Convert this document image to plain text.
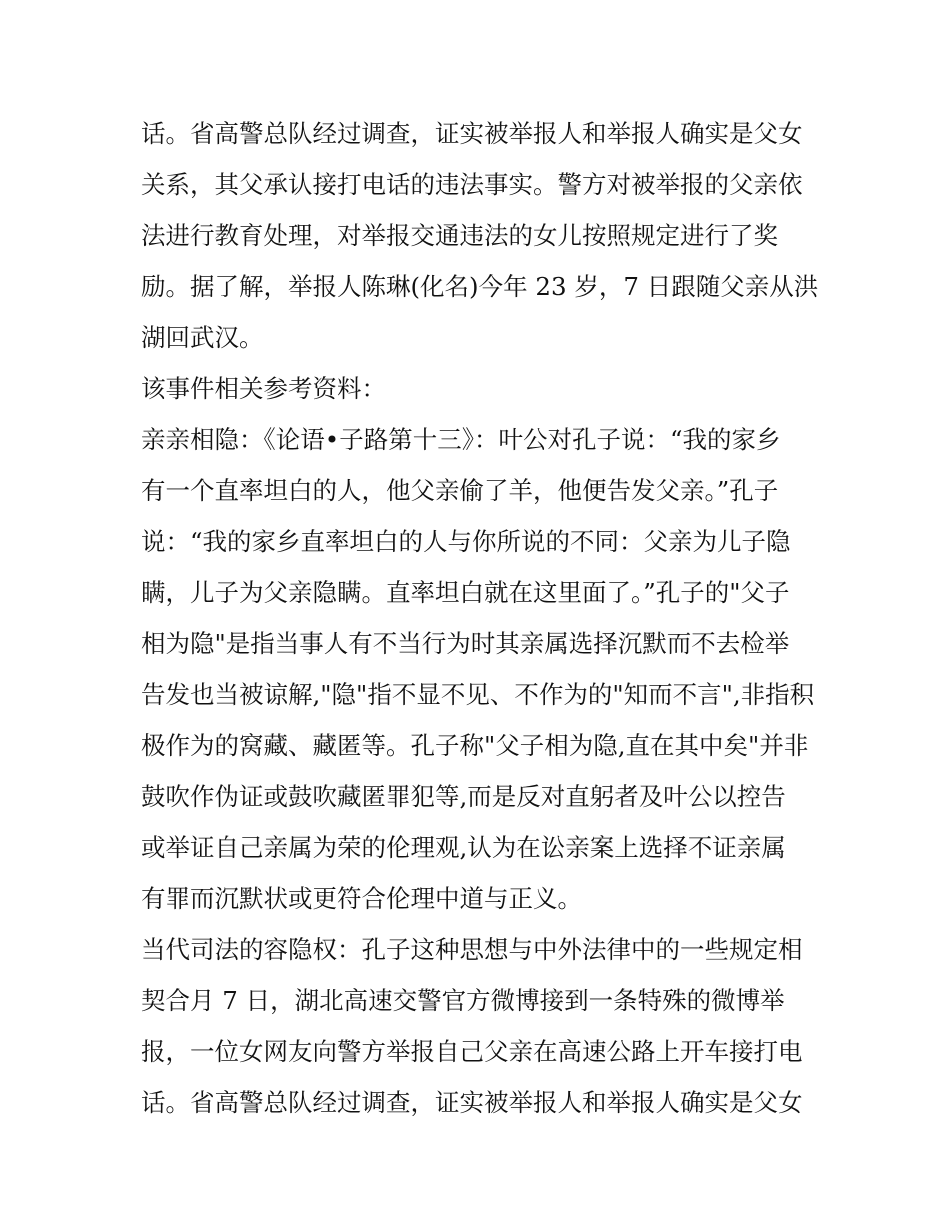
话。省高警总队经过调查，证实被举报人和举报人确实是父女
关系，其父承认接打电话的违法事实。警方对被举报的父亲依
法进行教育处理，对举报交通违法的女儿按照规定进行了奖
励。据了解，举报人陈琳(化名)今年 23 岁，7 日跟随父亲从洪
湖回武汉。
该事件相关参考资料：
亲亲相隐：《论语•子路第十三》：叶公对孔子说：“我的家乡
有一个直率坦白的人，他父亲偷了羊，他便告发父亲。”孔子
说：“我的家乡直率坦白的人与你所说的不同：父亲为儿子隐
瞒，儿子为父亲隐瞒。直率坦白就在这里面了。”孔子的"父子
相为隐"是指当事人有不当行为时其亲属选择沉默而不去检举
告发也当被谅解,"隐"指不显不见、不作为的"知而不言",非指积
极作为的窝藏、藏匿等。孔子称"父子相为隐,直在其中矣"并非
鼓吹作伪证或鼓吹藏匿罪犯等,而是反对直躬者及叶公以控告
或举证自己亲属为荣的伦理观,认为在讼亲案上选择不证亲属
有罪而沉默状或更符合伦理中道与正义。
当代司法的容隐权：孔子这种思想与中外法律中的一些规定相
契合月 7 日，湖北高速交警官方微博接到一条特殊的微博举
报，一位女网友向警方举报自己父亲在高速公路上开车接打电
话。省高警总队经过调查，证实被举报人和举报人确实是父女
